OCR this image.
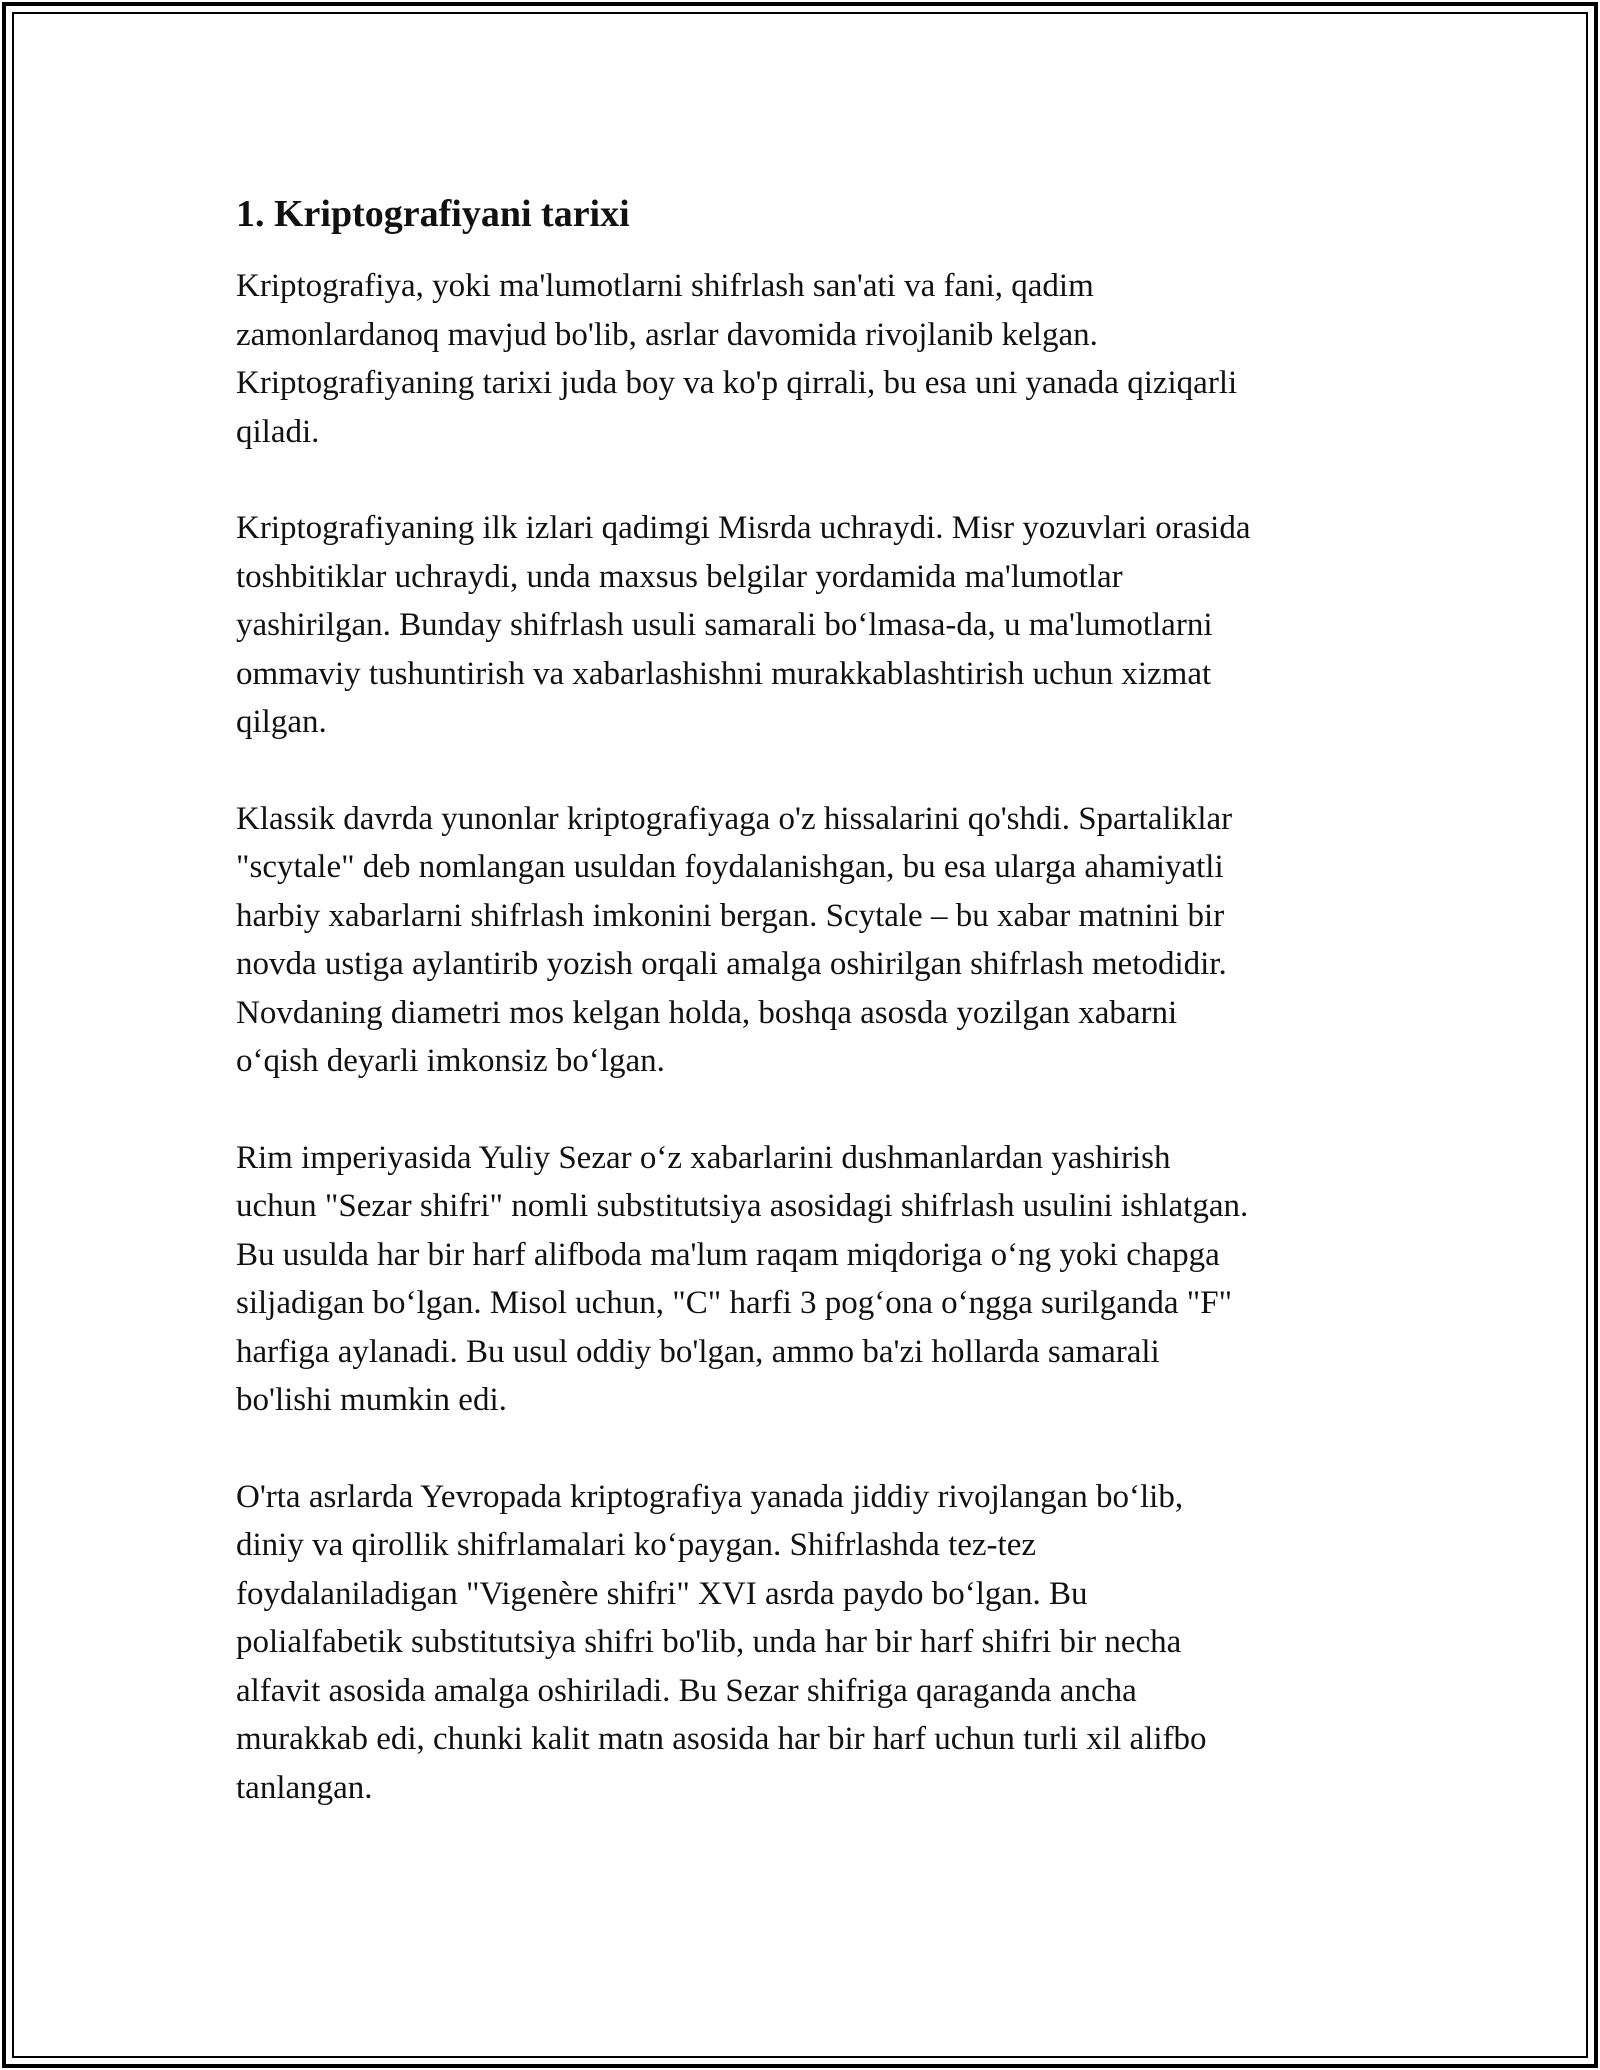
1. Kriptografiyani tarixi

Kriptografiya, yoki ma'lumotlarni shifrlash san'ati va fani, qadim
zamonlardanoq mavjud bo'lib, asrlar davomida rivojlanib kelgan.
Kriptografiyaning tarixi juda boy va ko'p qirrali, bu esa uni yanada qiziqarli
qiladi.

Kriptografiyaning ilk izlari qadimgi Misrda uchraydi. Misr yozuvlari orasida
toshbitiklar uchraydi, unda maxsus belgilar yordamida ma'lumotlar
yashirilgan. Bunday shifrlash usuli samarali bo‘lmasa-da, u ma'lumotlarni
ommaviy tushuntirish va xabarlashishni murakkablashtirish uchun xizmat
qilgan.

Klassik davrda yunonlar kriptografiyaga o'z hissalarini qo'shdi. Spartaliklar
"scytale" deb nomlangan usuldan foydalanishgan, bu esa ularga ahamiyatli
harbiy xabarlarni shifrlash imkonini bergan. Scytale – bu xabar matnini bir
novda ustiga aylantirib yozish orqali amalga oshirilgan shifrlash metodidir.
Novdaning diametri mos kelgan holda, boshqa asosda yozilgan xabarni
o‘qish deyarli imkonsiz bo‘lgan.

Rim imperiyasida Yuliy Sezar o‘z xabarlarini dushmanlardan yashirish
uchun "Sezar shifri" nomli substitutsiya asosidagi shifrlash usulini ishlatgan.
Bu usulda har bir harf alifboda ma'lum raqam miqdoriga o‘ng yoki chapga
siljadigan bo‘lgan. Misol uchun, "C" harfi 3 pog‘ona o‘ngga surilganda "F"
harfiga aylanadi. Bu usul oddiy bo'lgan, ammo ba'zi hollarda samarali
bo'lishi mumkin edi.

O'rta asrlarda Yevropada kriptografiya yanada jiddiy rivojlangan bo‘lib,
diniy va qirollik shifrlamalari ko‘paygan. Shifrlashda tez-tez
foydalaniladigan "Vigenère shifri" XVI asrda paydo bo‘lgan. Bu
polialfabetik substitutsiya shifri bo'lib, unda har bir harf shifri bir necha
alfavit asosida amalga oshiriladi. Bu Sezar shifriga qaraganda ancha
murakkab edi, chunki kalit matn asosida har bir harf uchun turli xil alifbo
tanlangan.
